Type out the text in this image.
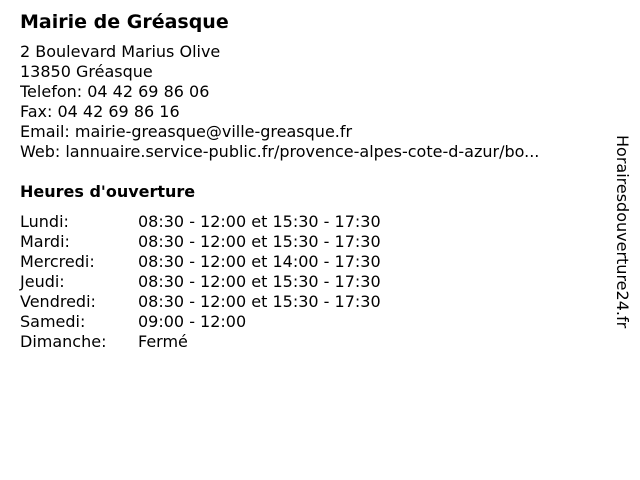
Mairie de Gréasque
2 Boulevard Marius Olive
13850 Gréasque
Telefon: 04 42 69 86 06
Fax: 04 42 69 86 16
Email: mairie-greasque@ville-greasque.fr
Web: lannuaire.service-public.fr/provence-alpes-cote-d-azur/bo...
Heures d'ouverture
Lundi:	08:30 - 12:00 et 15:30 - 17:30
Mardi:	08:30 - 12:00 et 15:30 - 17:30
Mercredi:	08:30 - 12:00 et 14:00 - 17:30
Jeudi:	08:30 - 12:00 et 15:30 - 17:30
Vendredi:	08:30 - 12:00 et 15:30 - 17:30
Samedi:	09:00 - 12:00
Dimanche:	Fermé
Horairesdouverture24.fr
